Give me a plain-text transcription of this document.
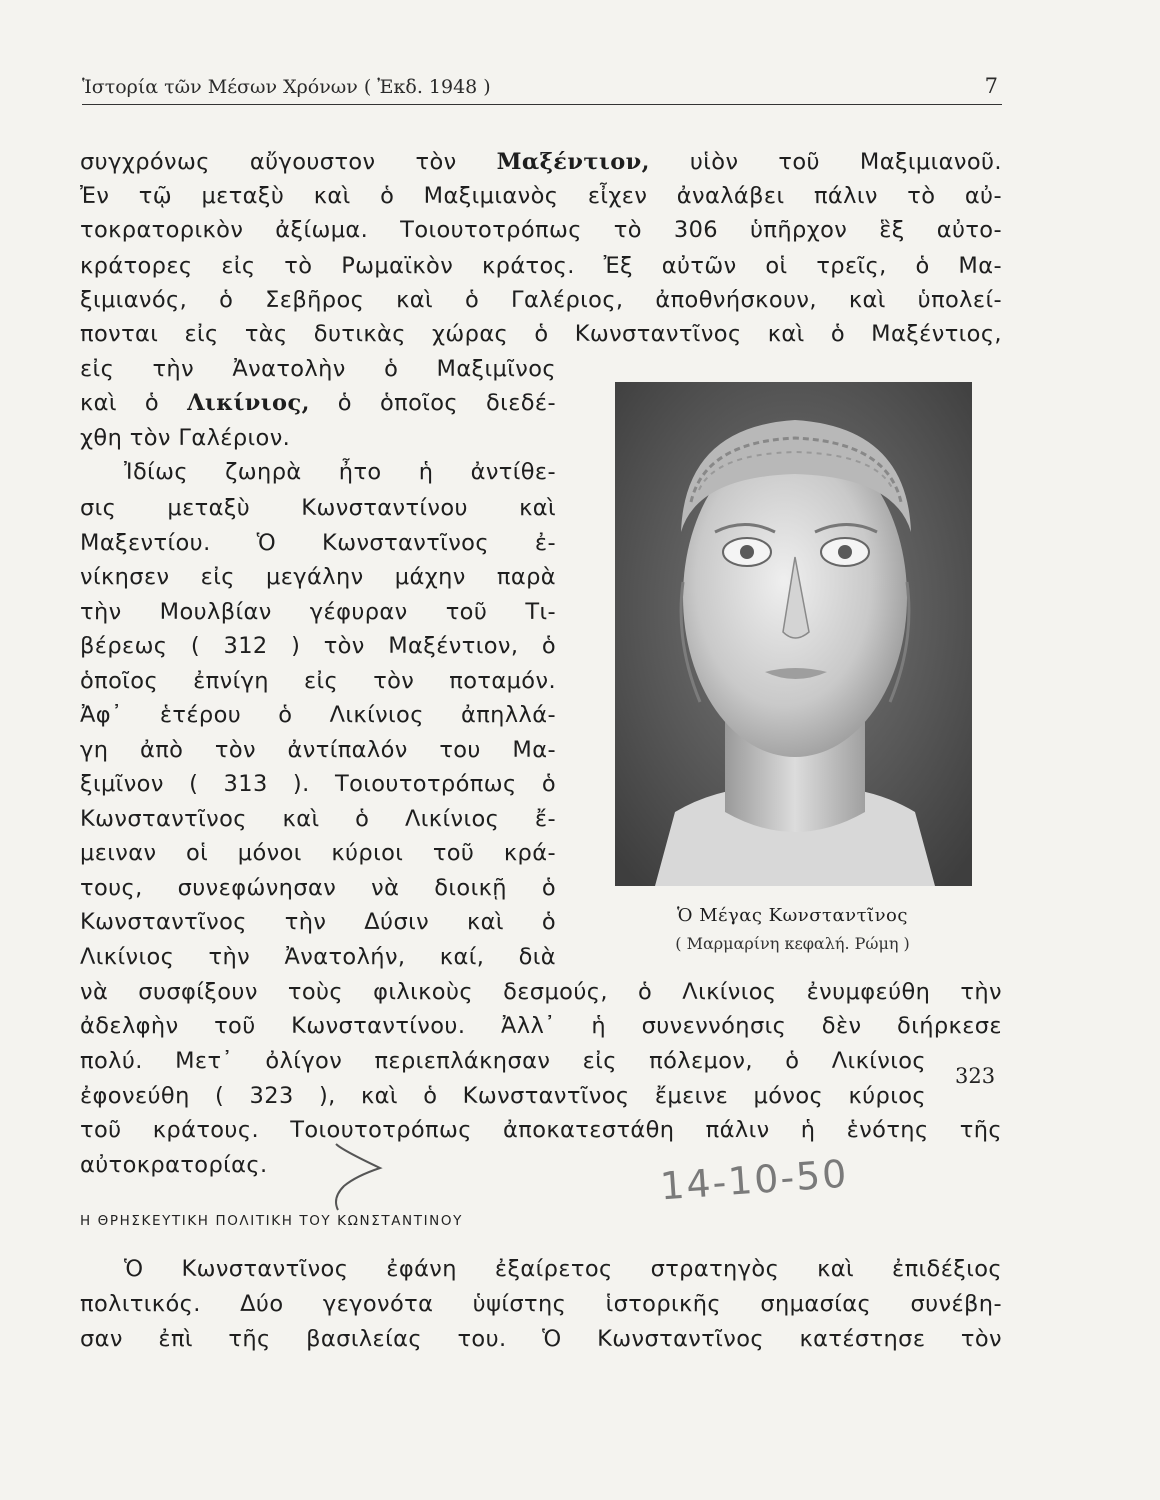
Ἱστορία τῶν Μέσων Χρόνων ( Ἐκδ. 1948 )	7

συγχρόνως αὔγουστον τὸν Μαξέντιον, υἱὸν τοῦ Μαξιμιανοῦ.

Ἐν τῷ μεταξὺ καὶ ὁ Μαξιμιανὸς εἶχεν ἀναλάβει πάλιν τὸ αὐ-

τοκρατορικὸν ἀξίωμα. Τοιουτοτρόπως τὸ 306 ὑπῆρχον ἓξ αὐτο-

κράτορες εἰς τὸ Ρωμαϊκὸν κράτος. Ἐξ αὐτῶν οἱ τρεῖς, ὁ Μα-

ξιμιανός, ὁ Σεβῆρος καὶ ὁ Γαλέριος, ἀποθνήσκουν, καὶ ὑπολεί-

πονται εἰς τὰς δυτικὰς χώρας ὁ Κωνσταντῖνος καὶ ὁ Μαξέντιος,

εἰς τὴν Ἀνατολὴν ὁ Μαξιμῖνος

καὶ ὁ Λικίνιος, ὁ ὁποῖος διεδέ-

χθη τὸν Γαλέριον.

Ἰδίως ζωηρὰ ἦτο ἡ ἀντίθε-

σις μεταξὺ Κωνσταντίνου καὶ

Μαξεντίου. Ὁ Κωνσταντῖνος ἐ-

νίκησεν εἰς μεγάλην μάχην παρὰ

τὴν Μουλβίαν γέφυραν τοῦ Τι-

βέρεως ( 312 ) τὸν Μαξέντιον, ὁ

ὁποῖος ἐπνίγη εἰς τὸν ποταμόν.

Ἀφ᾽ ἑτέρου ὁ Λικίνιος ἀπηλλά-

γη ἀπὸ τὸν ἀντίπαλόν του Μα-

ξιμῖνον ( 313 ). Τοιουτοτρόπως ὁ

Κωνσταντῖνος καὶ ὁ Λικίνιος ἔ-

μειναν οἱ μόνοι κύριοι τοῦ κρά-

τους, συνεφώνησαν νὰ διοικῇ ὁ

Κωνσταντῖνος τὴν Δύσιν καὶ ὁ

Λικίνιος τὴν Ἀνατολήν, καί, διὰ

Ὁ Μέγας Κωνσταντῖνος
( Μαρμαρίνη κεφαλή. Ρώμη )

νὰ συσφίξουν τοὺς φιλικοὺς δεσμούς, ὁ Λικίνιος ἐνυμφεύθη τὴν

ἀδελφὴν τοῦ Κωνσταντίνου. Ἀλλ᾽ ἡ συνεννόησις δὲν διήρκεσε

πολύ. Μετ᾽ ὀλίγον περιεπλάκησαν εἰς πόλεμον, ὁ Λικίνιος

ἐφονεύθη ( 323 ), καὶ ὁ Κωνσταντῖνος ἔμεινε μόνος κύριος

τοῦ κράτους. Τοιουτοτρόπως ἀποκατεστάθη πάλιν ἡ ἑνότης τῆς

αὐτοκρατορίας.

323
14-10-50
Η ΘΡΗΣΚΕΥΤΙΚΗ ΠΟΛΙΤΙΚΗ ΤΟΥ ΚΩΝΣΤΑΝΤΙΝΟΥ

Ὁ Κωνσταντῖνος ἐφάνη ἐξαίρετος στρατηγὸς καὶ ἐπιδέξιος

πολιτικός. Δύο γεγονότα ὑψίστης ἱστορικῆς σημασίας συνέβη-

σαν ἐπὶ τῆς βασιλείας του. Ὁ Κωνσταντῖνος κατέστησε τὸν
